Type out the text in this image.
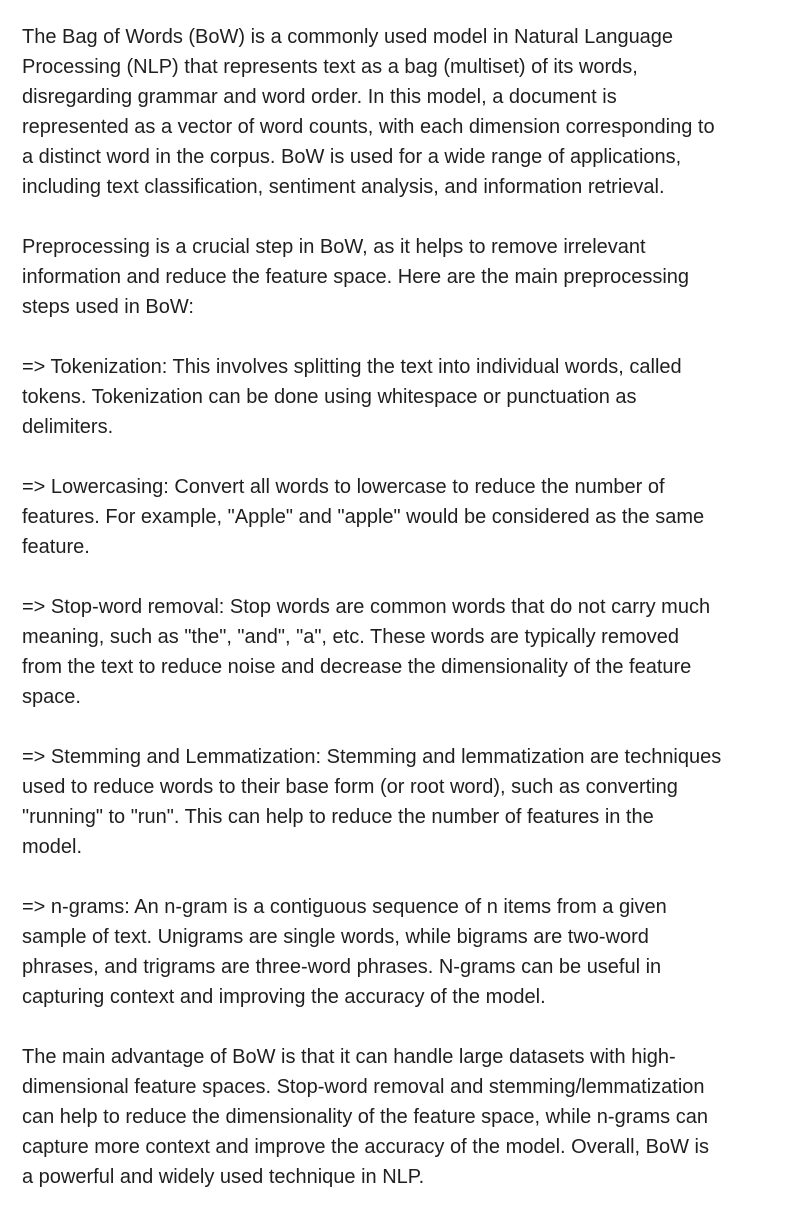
The Bag of Words (BoW) is a commonly used model in Natural Language
Processing (NLP) that represents text as a bag (multiset) of its words,
disregarding grammar and word order. In this model, a document is
represented as a vector of word counts, with each dimension corresponding to
a distinct word in the corpus. BoW is used for a wide range of applications,
including text classification, sentiment analysis, and information retrieval.

Preprocessing is a crucial step in BoW, as it helps to remove irrelevant
information and reduce the feature space. Here are the main preprocessing
steps used in BoW:

=> Tokenization: This involves splitting the text into individual words, called
tokens. Tokenization can be done using whitespace or punctuation as
delimiters.

=> Lowercasing: Convert all words to lowercase to reduce the number of
features. For example, "Apple" and "apple" would be considered as the same
feature.

=> Stop-word removal: Stop words are common words that do not carry much
meaning, such as "the", "and", "a", etc. These words are typically removed
from the text to reduce noise and decrease the dimensionality of the feature
space.

=> Stemming and Lemmatization: Stemming and lemmatization are techniques
used to reduce words to their base form (or root word), such as converting
"running" to "run". This can help to reduce the number of features in the
model.

=> n-grams: An n-gram is a contiguous sequence of n items from a given
sample of text. Unigrams are single words, while bigrams are two-word
phrases, and trigrams are three-word phrases. N-grams can be useful in
capturing context and improving the accuracy of the model.

The main advantage of BoW is that it can handle large datasets with high-
dimensional feature spaces. Stop-word removal and stemming/lemmatization
can help to reduce the dimensionality of the feature space, while n-grams can
capture more context and improve the accuracy of the model. Overall, BoW is
a powerful and widely used technique in NLP.
